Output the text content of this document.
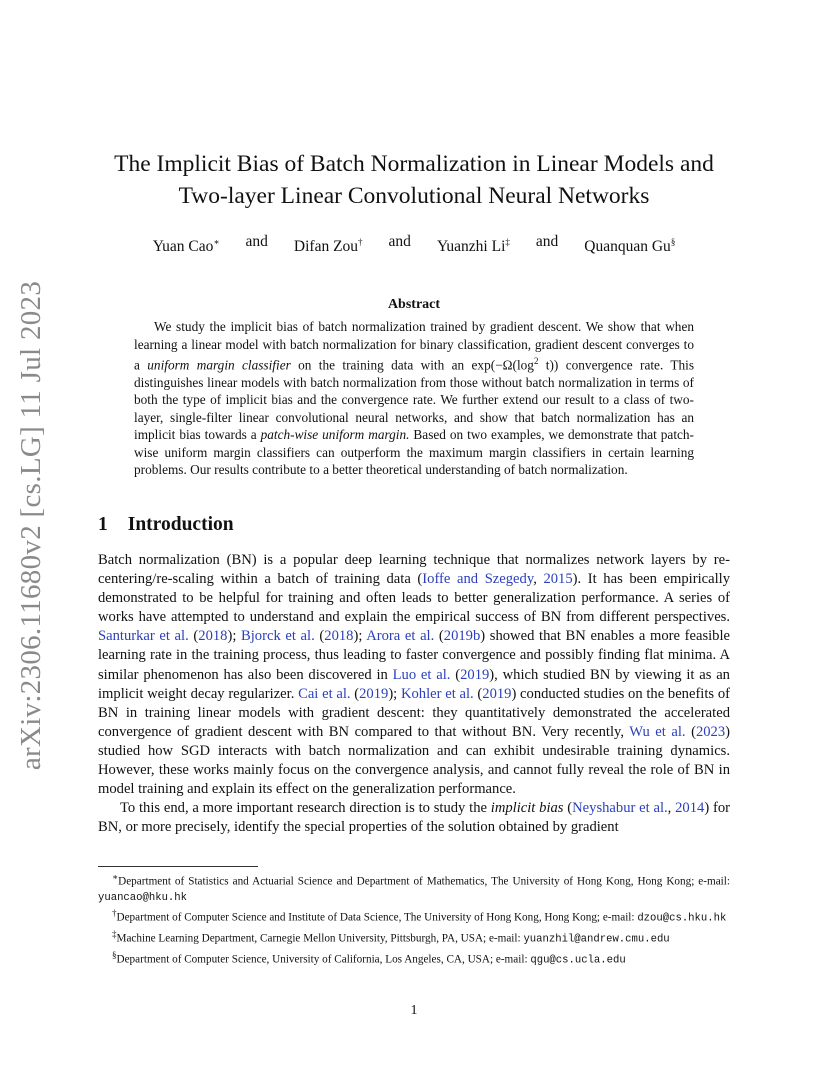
arXiv:2306.11680v2 [cs.LG] 11 Jul 2023
The Implicit Bias of Batch Normalization in Linear Models and
Two-layer Linear Convolutional Neural Networks
Yuan Cao∗ and Difan Zou† and Yuanzhi Li‡ and Quanquan Gu§
Abstract
We study the implicit bias of batch normalization trained by gradient descent. We show that when learning a linear model with batch normalization for binary classification, gradient descent converges to a uniform margin classifier on the training data with an $\exp(-\Omega(\log^2$ t)) convergence rate. This distinguishes linear models with batch normalization from those without batch normalization in terms of both the type of implicit bias and the convergence rate. We further extend our result to a class of two-layer, single-filter linear convolutional neural networks, and show that batch normalization has an implicit bias towards a patch-wise uniform margin. Based on two examples, we demonstrate that patch-wise uniform margin classifiers can outperform the maximum margin classifiers in certain learning problems. Our results contribute to a better theoretical understanding of batch normalization.
1 Introduction

Batch normalization (BN) is a popular deep learning technique that normalizes network layers by re-centering/re-scaling within a batch of training data (Ioffe and Szegedy, 2015). It has been empirically demonstrated to be helpful for training and often leads to better generalization performance. A series of works have attempted to understand and explain the empirical success of BN from different perspectives. Santurkar et al. (2018); Bjorck et al. (2018); Arora et al. (2019b) showed that BN enables a more feasible learning rate in the training process, thus leading to faster convergence and possibly finding flat minima. A similar phenomenon has also been discovered in Luo et al. (2019), which studied BN by viewing it as an implicit weight decay regularizer. Cai et al. (2019); Kohler et al. (2019) conducted studies on the benefits of BN in training linear models with gradient descent: they quantitatively demonstrated the accelerated convergence of gradient descent with BN compared to that without BN. Very recently, Wu et al. (2023) studied how SGD interacts with batch normalization and can exhibit undesirable training dynamics. However, these works mainly focus on the convergence analysis, and cannot fully reveal the role of BN in model training and explain its effect on the generalization performance.

To this end, a more important research direction is to study the implicit bias (Neyshabur et al., 2014) for BN, or more precisely, identify the special properties of the solution obtained by gradient

∗Department of Statistics and Actuarial Science and Department of Mathematics, The University of Hong Kong, Hong Kong; e-mail: yuancao@hku.hk

†Department of Computer Science and Institute of Data Science, The University of Hong Kong, Hong Kong; e-mail: dzou@cs.hku.hk

‡Machine Learning Department, Carnegie Mellon University, Pittsburgh, PA, USA; e-mail: yuanzhil@andrew.cmu.edu

§Department of Computer Science, University of California, Los Angeles, CA, USA; e-mail: qgu@cs.ucla.edu

1
